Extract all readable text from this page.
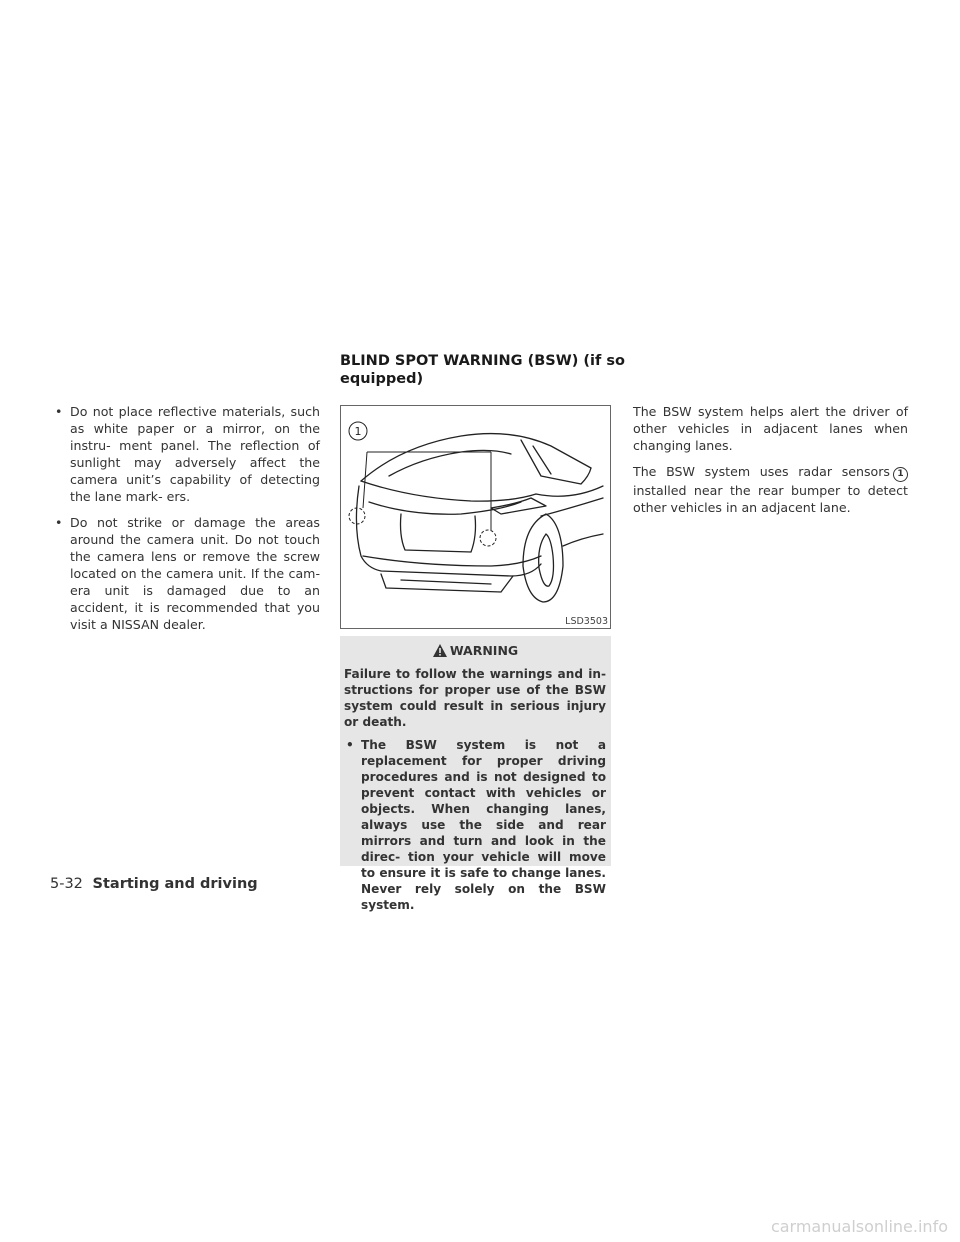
• Do not place reflective materials, such as white paper or a mirror, on the instru- ment panel. The reflection of sunlight may adversely affect the camera unit’s capability of detecting the lane mark- ers.

• Do not strike or damage the areas around the camera unit. Do not touch the camera lens or remove the screw located on the camera unit. If the cam- era unit is damaged due to an accident, it is recommended that you visit a NISSAN dealer.

BLIND SPOT WARNING (BSW) (if so equipped)
1
LSD3503
WARNING

Failure to follow the warnings and in- structions for proper use of the BSW system could result in serious injury or death.

• The BSW system is not a replacement for proper driving procedures and is not designed to prevent contact with vehicles or objects. When changing lanes, always use the side and rear mirrors and turn and look in the direc- tion your vehicle will move to ensure it is safe to change lanes. Never rely solely on the BSW system.

The BSW system helps alert the driver of other vehicles in adjacent lanes when changing lanes.

The BSW system uses radar sensors 1 installed near the rear bumper to detect other vehicles in an adjacent lane.

5-32 Starting and driving
carmanualsonline.info
